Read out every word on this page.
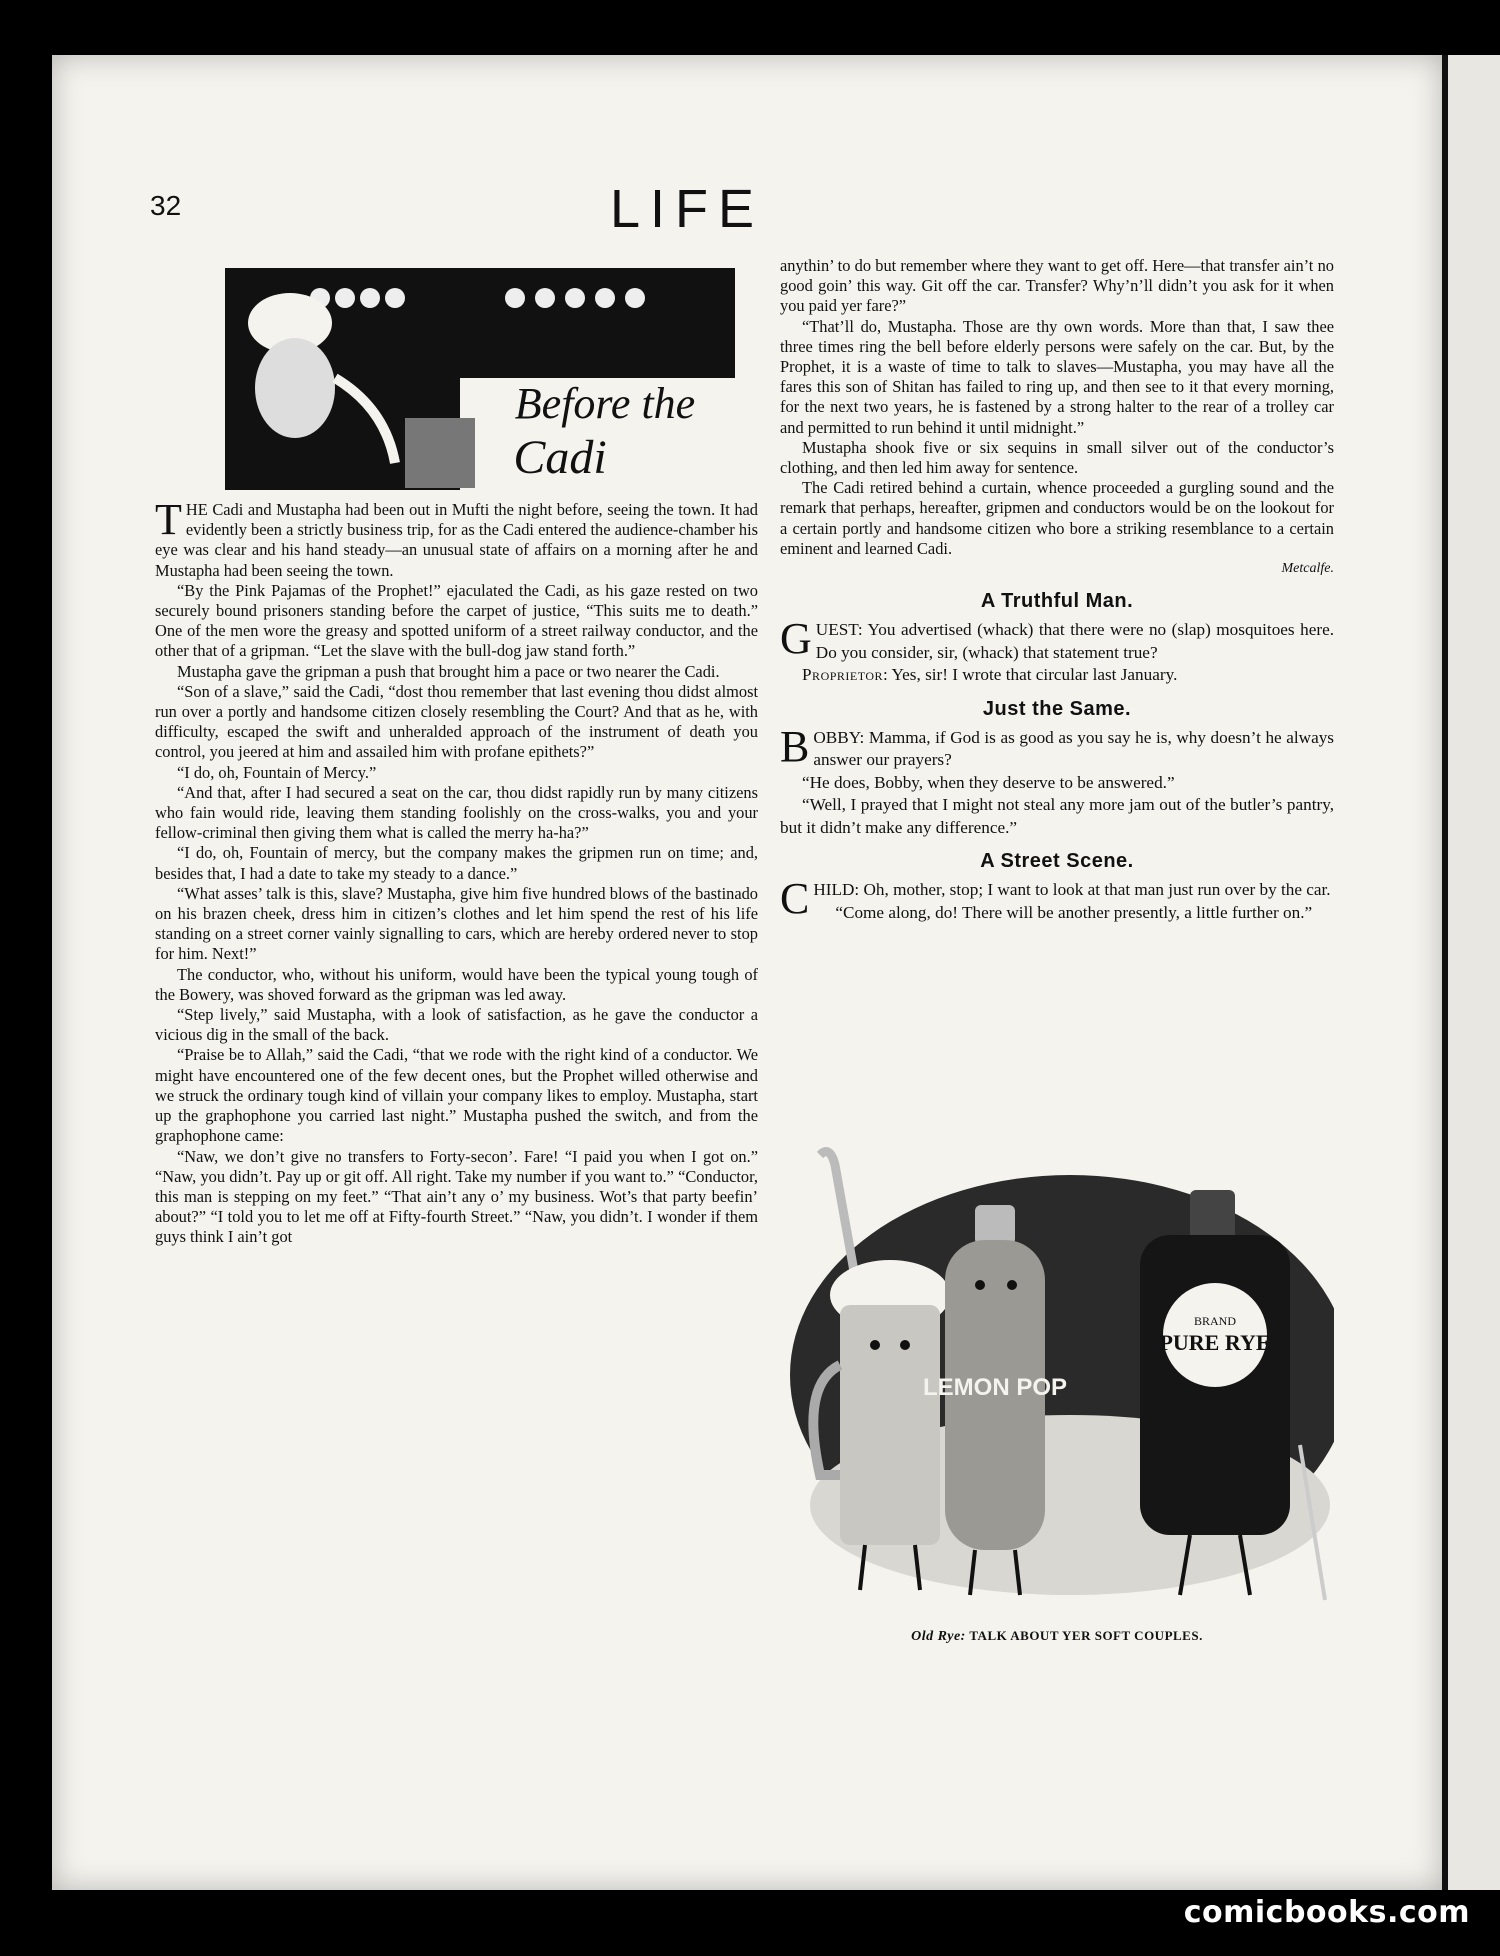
32	LIFE
Before the
Cadi

THE Cadi and Mustapha had been out in Mufti the night before, seeing the town. It had evidently been a strictly business trip, for as the Cadi entered the audience-chamber his eye was clear and his hand steady—an unusual state of affairs on a morning after he and Mustapha had been seeing the town.

“By the Pink Pajamas of the Prophet!” ejaculated the Cadi, as his gaze rested on two securely bound prisoners standing before the carpet of justice, “This suits me to death.” One of the men wore the greasy and spotted uniform of a street railway conductor, and the other that of a gripman. “Let the slave with the bull-dog jaw stand forth.”

Mustapha gave the gripman a push that brought him a pace or two nearer the Cadi.

“Son of a slave,” said the Cadi, “dost thou remember that last evening thou didst almost run over a portly and handsome citizen closely resembling the Court? And that as he, with difficulty, escaped the swift and unheralded approach of the instrument of death you control, you jeered at him and assailed him with profane epithets?”

“I do, oh, Fountain of Mercy.”

“And that, after I had secured a seat on the car, thou didst rapidly run by many citizens who fain would ride, leaving them standing foolishly on the cross-walks, you and your fellow-criminal then giving them what is called the merry ha-ha?”

“I do, oh, Fountain of mercy, but the company makes the gripmen run on time; and, besides that, I had a date to take my steady to a dance.”

“What asses’ talk is this, slave? Mustapha, give him five hundred blows of the bastinado on his brazen cheek, dress him in citizen’s clothes and let him spend the rest of his life standing on a street corner vainly signalling to cars, which are hereby ordered never to stop for him. Next!”

The conductor, who, without his uniform, would have been the typical young tough of the Bowery, was shoved forward as the gripman was led away.

“Step lively,” said Mustapha, with a look of satisfaction, as he gave the conductor a vicious dig in the small of the back.

“Praise be to Allah,” said the Cadi, “that we rode with the right kind of a conductor. We might have encountered one of the few decent ones, but the Prophet willed otherwise and we struck the ordinary tough kind of villain your company likes to employ. Mustapha, start up the graphophone you carried last night.” Mustapha pushed the switch, and from the graphophone came:

“Naw, we don’t give no transfers to Forty-secon’. Fare! “I paid you when I got on.” “Naw, you didn’t. Pay up or git off. All right. Take my number if you want to.” “Conductor, this man is stepping on my feet.” “That ain’t any o’ my business. Wot’s that party beefin’ about?” “I told you to let me off at Fifty-fourth Street.” “Naw, you didn’t. I wonder if them guys think I ain’t got

anythin’ to do but remember where they want to get off. Here—that transfer ain’t no good goin’ this way. Git off the car. Transfer? Why’n’ll didn’t you ask for it when you paid yer fare?”

“That’ll do, Mustapha. Those are thy own words. More than that, I saw thee three times ring the bell before elderly persons were safely on the car. But, by the Prophet, it is a waste of time to talk to slaves—Mustapha, you may have all the fares this son of Shitan has failed to ring up, and then see to it that every morning, for the next two years, he is fastened by a strong halter to the rear of a trolley car and permitted to run behind it until midnight.”

Mustapha shook five or six sequins in small silver out of the conductor’s clothing, and then led him away for sentence.

The Cadi retired behind a curtain, whence proceeded a gurgling sound and the remark that perhaps, hereafter, gripmen and conductors would be on the lookout for a certain portly and handsome citizen who bore a striking resemblance to a certain eminent and learned Cadi.

Metcalfe.
A Truthful Man.

GUEST: You advertised (whack) that there were no (slap) mosquitoes here. Do you consider, sir, (whack) that statement true?

Proprietor: Yes, sir! I wrote that circular last January.

Just the Same.

BOBBY: Mamma, if God is as good as you say he is, why doesn’t he always answer our prayers?

“He does, Bobby, when they deserve to be answered.”

“Well, I prayed that I might not steal any more jam out of the butler’s pantry, but it didn’t make any difference.”

A Street Scene.

CHILD: Oh, mother, stop; I want to look at that man just run over by the car.

“Come along, do! There will be another presently, a little further on.”

LEMON POP
BRAND
PURE RYE
Old Rye: TALK ABOUT YER SOFT COUPLES.
comicbooks.com
